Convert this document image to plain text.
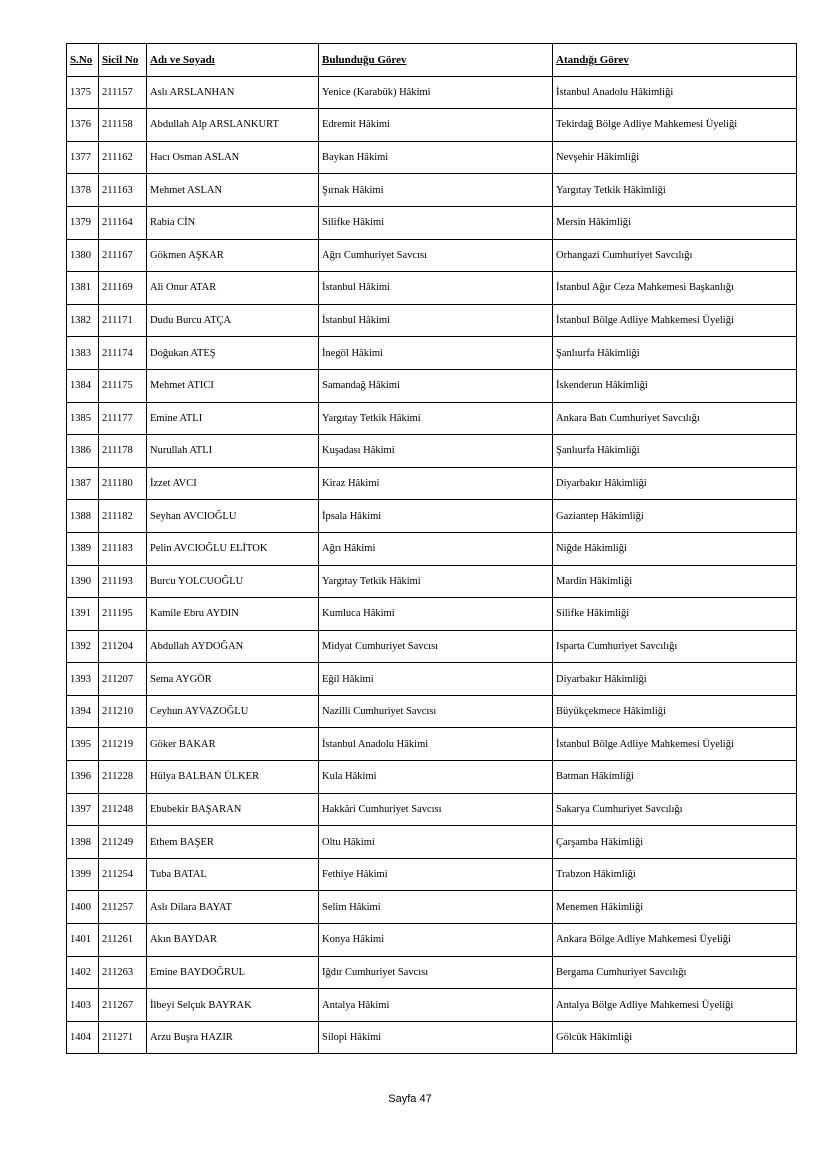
S.No	Sicil No	Adı ve Soyadı	Bulunduğu Görev	Atandığı Görev
1375	211157	Aslı ARSLANHAN	Yenice (Karabük) Hâkimi	İstanbul Anadolu Hâkimliği
1376	211158	Abdullah Alp ARSLANKURT	Edremit Hâkimi	Tekirdağ Bölge Adliye Mahkemesi Üyeliği
1377	211162	Hacı Osman ASLAN	Baykan Hâkimi	Nevşehir Hâkimliği
1378	211163	Mehmet ASLAN	Şırnak Hâkimi	Yargıtay Tetkik Hâkimliği
1379	211164	Rabia CİN	Silifke Hâkimi	Mersin Hâkimliği
1380	211167	Gökmen AŞKAR	Ağrı Cumhuriyet Savcısı	Orhangazi Cumhuriyet Savcılığı
1381	211169	Ali Onur ATAR	İstanbul Hâkimi	İstanbul Ağır Ceza Mahkemesi Başkanlığı
1382	211171	Dudu Burcu ATÇA	İstanbul Hâkimi	İstanbul Bölge Adliye Mahkemesi Üyeliği
1383	211174	Doğukan ATEŞ	İnegöl Hâkimi	Şanlıurfa Hâkimliği
1384	211175	Mehmet ATICI	Samandağ Hâkimi	İskenderun Hâkimliği
1385	211177	Emine ATLI	Yargıtay Tetkik Hâkimi	Ankara Batı Cumhuriyet Savcılığı
1386	211178	Nurullah ATLI	Kuşadası Hâkimi	Şanlıurfa Hâkimliği
1387	211180	İzzet AVCI	Kiraz Hâkimi	Diyarbakır Hâkimliği
1388	211182	Seyhan AVCIOĞLU	İpsala Hâkimi	Gaziantep Hâkimliği
1389	211183	Pelin AVCIOĞLU ELİTOK	Ağrı Hâkimi	Niğde Hâkimliği
1390	211193	Burcu YOLCUOĞLU	Yargıtay Tetkik Hâkimi	Mardin Hâkimliği
1391	211195	Kamile Ebru AYDIN	Kumluca Hâkimi	Silifke Hâkimliği
1392	211204	Abdullah AYDOĞAN	Midyat Cumhuriyet Savcısı	Isparta Cumhuriyet Savcılığı
1393	211207	Sema AYGÖR	Eğil Hâkimi	Diyarbakır Hâkimliği
1394	211210	Ceyhun AYVAZOĞLU	Nazilli Cumhuriyet Savcısı	Büyükçekmece Hâkimliği
1395	211219	Göker BAKAR	İstanbul Anadolu Hâkimi	İstanbul Bölge Adliye Mahkemesi Üyeliği
1396	211228	Hülya BALBAN ÜLKER	Kula Hâkimi	Batman Hâkimliği
1397	211248	Ebubekir BAŞARAN	Hakkâri Cumhuriyet Savcısı	Sakarya Cumhuriyet Savcılığı
1398	211249	Ethem BAŞER	Oltu Hâkimi	Çarşamba Hâkimliği
1399	211254	Tuba BATAL	Fethiye Hâkimi	Trabzon Hâkimliği
1400	211257	Aslı Dilara BAYAT	Selim Hâkimi	Menemen Hâkimliği
1401	211261	Akın BAYDAR	Konya Hâkimi	Ankara Bölge Adliye Mahkemesi Üyeliği
1402	211263	Emine BAYDOĞRUL	Iğdır Cumhuriyet Savcısı	Bergama Cumhuriyet Savcılığı
1403	211267	İlbeyi Selçuk BAYRAK	Antalya Hâkimi	Antalya Bölge Adliye Mahkemesi Üyeliği
1404	211271	Arzu Buşra HAZIR	Silopi Hâkimi	Gölcük Hâkimliği
Sayfa 47
